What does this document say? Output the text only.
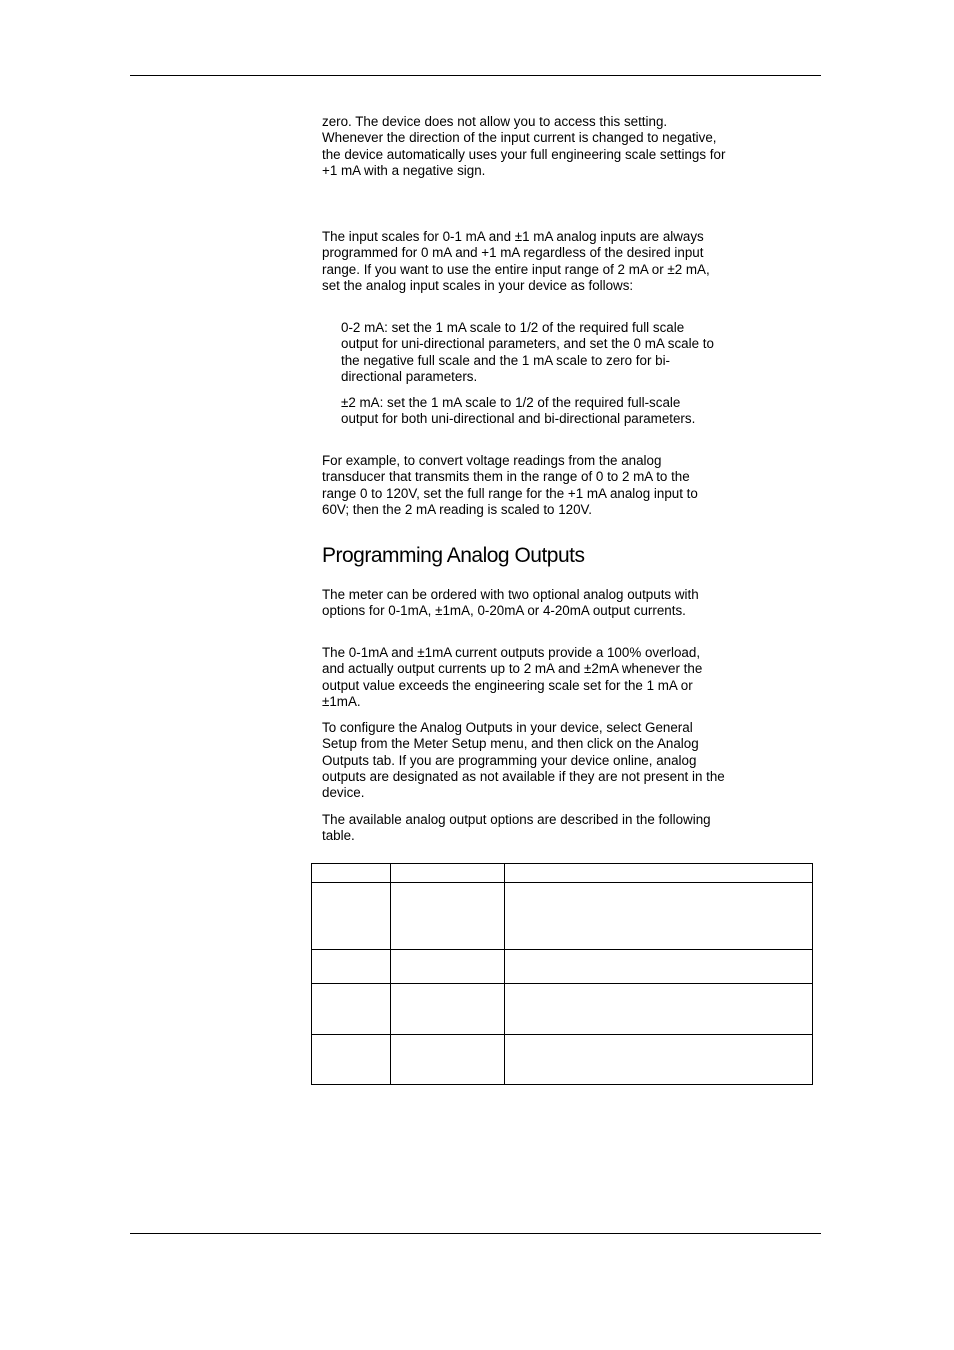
zero. The device does not allow you to access this setting. Whenever the direction of the input current is changed to negative, the device automatically uses your full engineering scale settings for +1 mA with a negative sign.

The input scales for 0-1 mA and ±1 mA analog inputs are always programmed for 0 mA and +1 mA regardless of the desired input range. If you want to use the entire input range of 2 mA or ±2 mA, set the analog input scales in your device as follows:

0-2 mA: set the 1 mA scale to 1/2 of the required full scale output for uni-directional parameters, and set the 0 mA scale to the negative full scale and the 1 mA scale to zero for bi-directional parameters.

±2 mA: set the 1 mA scale to 1/2 of the required full-scale output for both uni-directional and bi-directional parameters.

For example, to convert voltage readings from the analog transducer that transmits them in the range of 0 to 2 mA to the range 0 to 120V, set the full range for the +1 mA analog input to 60V; then the 2 mA reading is scaled to 120V.

Programming Analog Outputs

The meter can be ordered with two optional analog outputs with options for 0-1mA, ±1mA, 0-20mA or 4-20mA output currents.

The 0-1mA and ±1mA current outputs provide a 100% overload, and actually output currents up to 2 mA and ±2mA whenever the output value exceeds the engineering scale set for the 1 mA or ±1mA.

To configure the Analog Outputs in your device, select General Setup from the Meter Setup menu, and then click on the Analog Outputs tab. If you are programming your device online, analog outputs are designated as not available if they are not present in the device.

The available analog output options are described in the following table.
